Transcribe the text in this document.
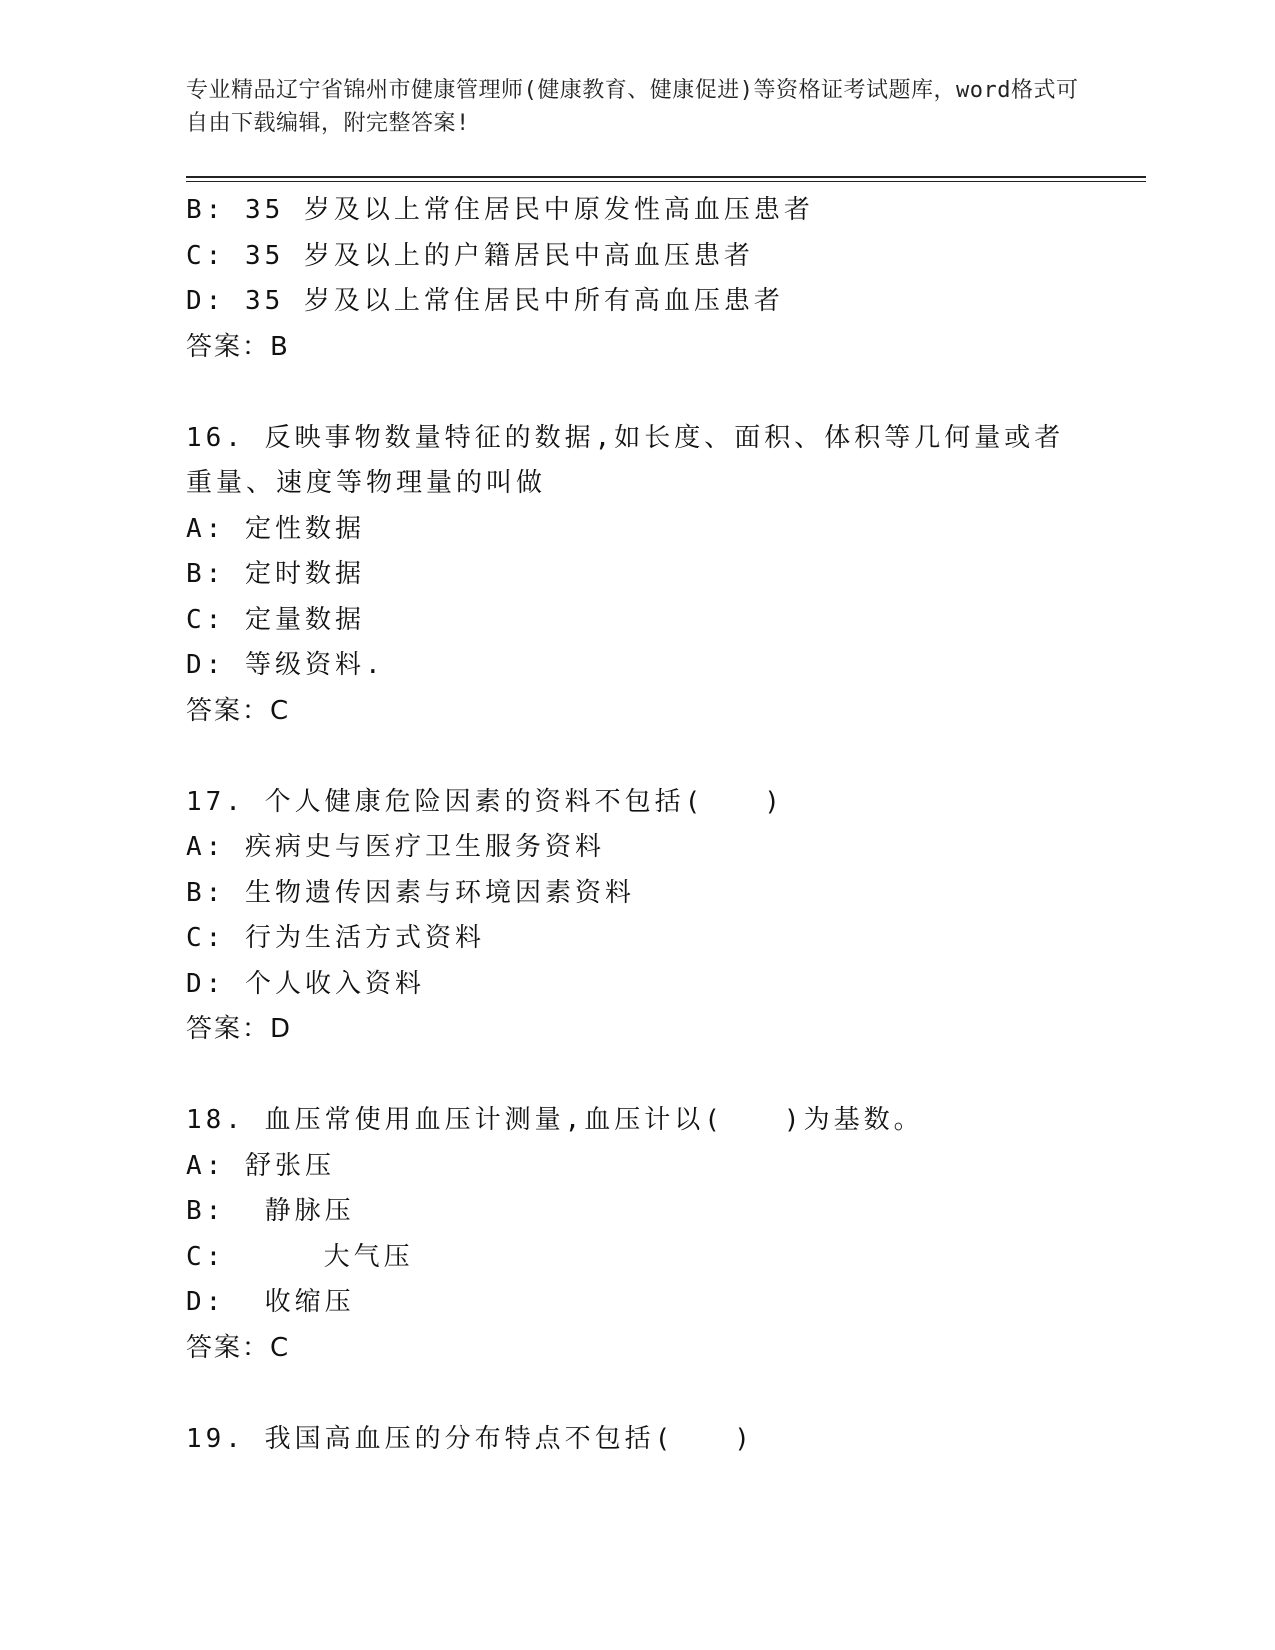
专业精品辽宁省锦州市健康管理师(健康教育、健康促进)等资格证考试题库，word格式可自由下载编辑，附完整答案!

B: 35 岁及以上常住居民中原发性高血压患者

C: 35 岁及以上的户籍居民中高血压患者

D: 35 岁及以上常住居民中所有高血压患者

答案：B

16. 反映事物数量特征的数据,如长度、面积、体积等几何量或者重量、速度等物理量的叫做

A: 定性数据

B: 定时数据

C: 定量数据

D: 等级资料.

答案：C

17. 个人健康危险因素的资料不包括(　　)

A: 疾病史与医疗卫生服务资料

B: 生物遗传因素与环境因素资料

C: 行为生活方式资料

D: 个人收入资料

答案：D

18. 血压常使用血压计测量,血压计以(　　)为基数。

A: 舒张压

B:  静脉压

C:     大气压

D:  收缩压

答案：C

19. 我国高血压的分布特点不包括(　　)
